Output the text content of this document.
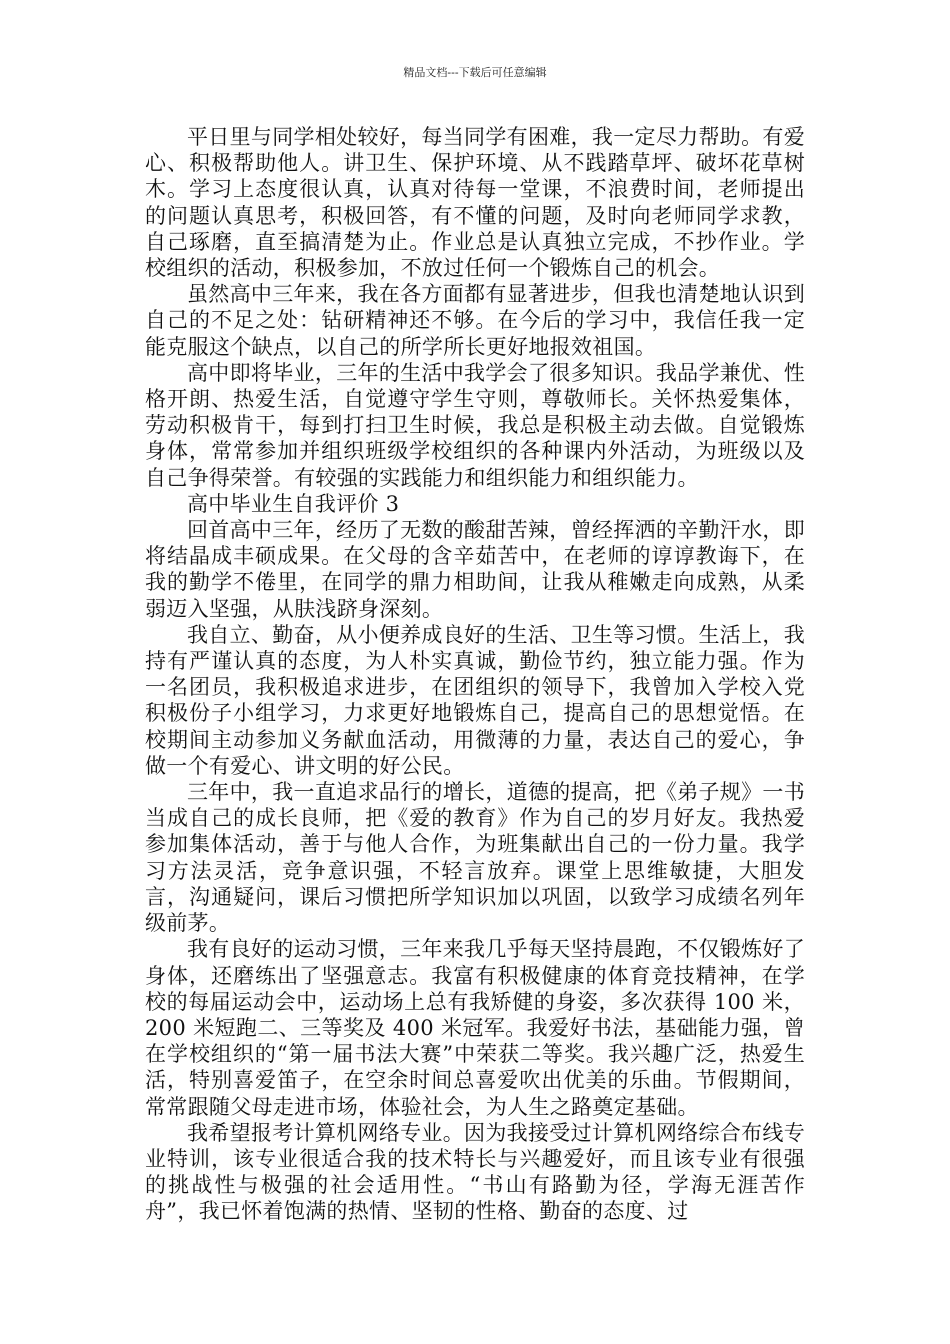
精品文档---下载后可任意编辑

平日里与同学相处较好，每当同学有困难，我一定尽力帮助。有爱心、积极帮助他人。讲卫生、保护环境、从不践踏草坪、破坏花草树木。学习上态度很认真，认真对待每一堂课，不浪费时间，老师提出的问题认真思考，积极回答，有不懂的问题，及时向老师同学求教，自己琢磨，直至搞清楚为止。作业总是认真独立完成，不抄作业。学校组织的活动，积极参加，不放过任何一个锻炼自己的机会。

虽然高中三年来，我在各方面都有显著进步，但我也清楚地认识到自己的不足之处：钻研精神还不够。在今后的学习中，我信任我一定能克服这个缺点，以自己的所学所长更好地报效祖国。

高中即将毕业，三年的生活中我学会了很多知识。我品学兼优、性格开朗、热爱生活，自觉遵守学生守则，尊敬师长。关怀热爱集体，劳动积极肯干，每到打扫卫生时候，我总是积极主动去做。自觉锻炼身体，常常参加并组织班级学校组织的各种课内外活动，为班级以及自己争得荣誉。有较强的实践能力和组织能力和组织能力。

高中毕业生自我评价 3

回首高中三年，经历了无数的酸甜苦辣，曾经挥洒的辛勤汗水，即将结晶成丰硕成果。在父母的含辛茹苦中，在老师的谆谆教诲下，在我的勤学不倦里，在同学的鼎力相助间，让我从稚嫩走向成熟，从柔弱迈入坚强，从肤浅跻身深刻。

我自立、勤奋，从小便养成良好的生活、卫生等习惯。生活上，我持有严谨认真的态度，为人朴实真诚，勤俭节约，独立能力强。作为一名团员，我积极追求进步，在团组织的领导下，我曾加入学校入党积极份子小组学习，力求更好地锻炼自己，提高自己的思想觉悟。在校期间主动参加义务献血活动，用微薄的力量，表达自己的爱心，争做一个有爱心、讲文明的好公民。

三年中，我一直追求品行的增长，道德的提高，把《弟子规》一书当成自己的成长良师，把《爱的教育》作为自己的岁月好友。我热爱参加集体活动，善于与他人合作，为班集献出自己的一份力量。我学习方法灵活，竞争意识强，不轻言放弃。课堂上思维敏捷，大胆发言，沟通疑问，课后习惯把所学知识加以巩固，以致学习成绩名列年级前茅。

我有良好的运动习惯，三年来我几乎每天坚持晨跑，不仅锻炼好了身体，还磨练出了坚强意志。我富有积极健康的体育竞技精神，在学校的每届运动会中，运动场上总有我矫健的身姿，多次获得 100 米，200 米短跑二、三等奖及 400 米冠军。我爱好书法，基础能力强，曾在学校组织的“第一届书法大赛”中荣获二等奖。我兴趣广泛，热爱生活，特别喜爱笛子，在空余时间总喜爱吹出优美的乐曲。节假期间，常常跟随父母走进市场，体验社会，为人生之路奠定基础。

我希望报考计算机网络专业。因为我接受过计算机网络综合布线专业特训，该专业很适合我的技术特长与兴趣爱好，而且该专业有很强的挑战性与极强的社会适用性。“书山有路勤为径，学海无涯苦作舟”，我已怀着饱满的热情、坚韧的性格、勤奋的态度、过
